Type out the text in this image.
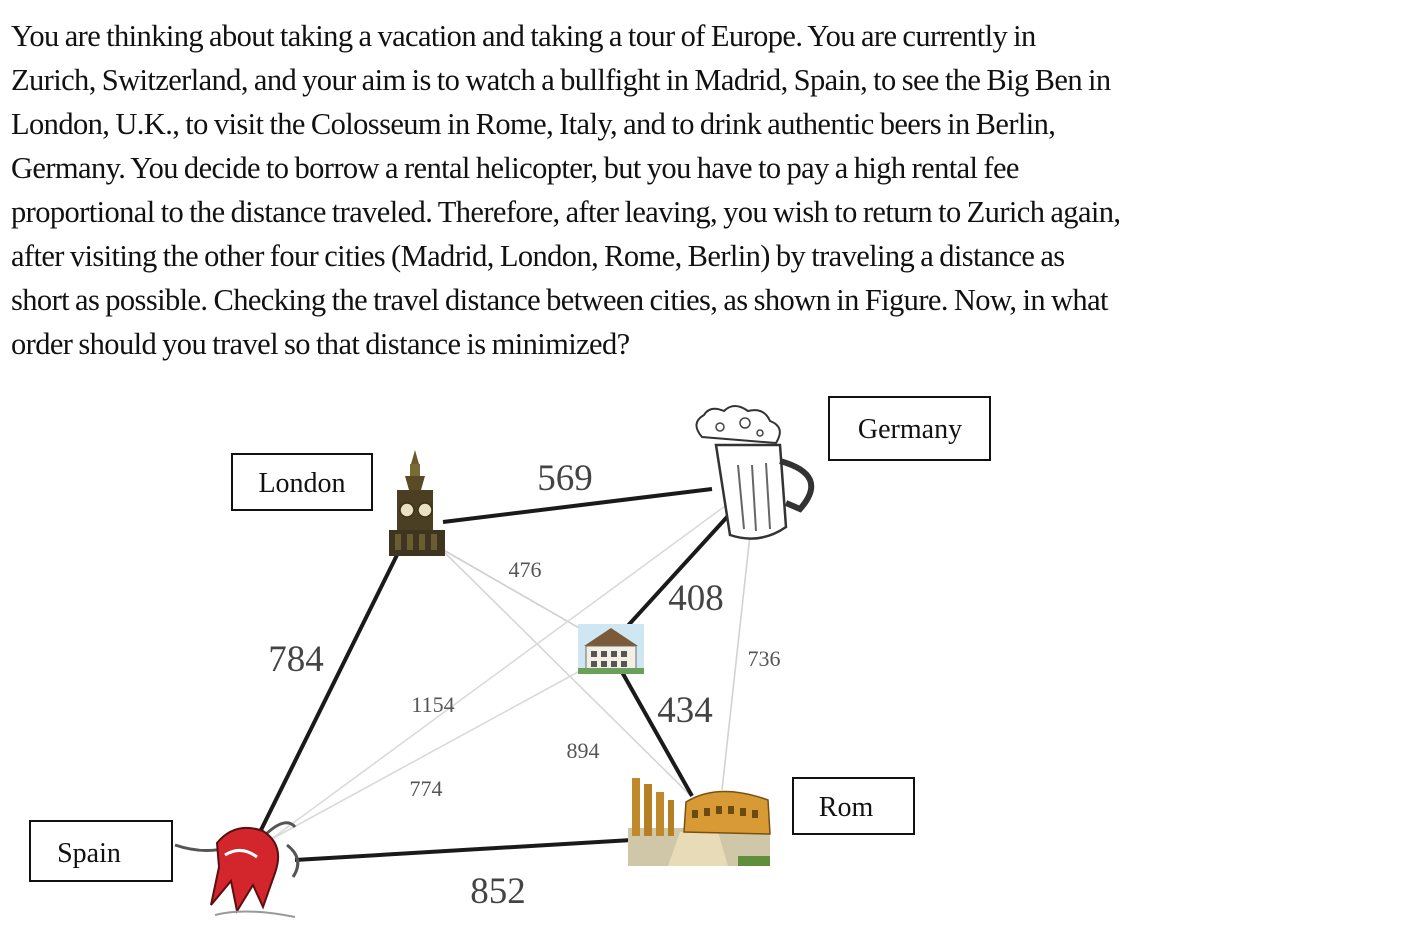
You are thinking about taking a vacation and taking a tour of Europe. You are currently in
Zurich, Switzerland, and your aim is to watch a bullfight in Madrid, Spain, to see the Big Ben in
London, U.K., to visit the Colosseum in Rome, Italy, and to drink authentic beers in Berlin,
Germany. You decide to borrow a rental helicopter, but you have to pay a high rental fee
proportional to the distance traveled. Therefore, after leaving, you wish to return to Zurich again,
after visiting the other four cities (Madrid, London, Rome, Berlin) by traveling a distance as
short as possible. Checking the travel distance between cities, as shown in Figure. Now, in what
order should you travel so that distance is minimized?
London
Germany
Spain
Rom
569
476
408
784	736
1154	434
894
774
852
